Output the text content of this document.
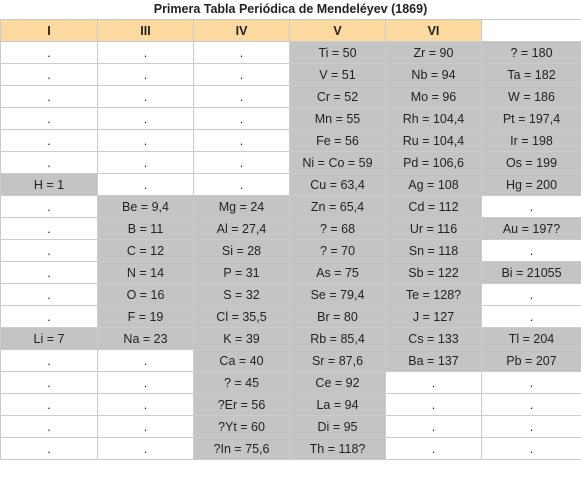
Primera Tabla Periódica de Mendeléyev (1869)
I	III	IV	V	VI	
.	.	.	Ti = 50	Zr = 90	? = 180
.	.	.	V = 51	Nb = 94	Ta = 182
.	.	.	Cr = 52	Mo = 96	W = 186
.	.	.	Mn = 55	Rh = 104,4	Pt = 197,4
.	.	.	Fe = 56	Ru = 104,4	Ir = 198
.	.	.	Ni = Co = 59	Pd = 106,6	Os = 199
H = 1	.	.	Cu = 63,4	Ag = 108	Hg = 200
.	Be = 9,4	Mg = 24	Zn = 65,4	Cd = 112	.
.	B = 11	Al = 27,4	? = 68	Ur = 116	Au = 197?
.	C = 12	Si = 28	? = 70	Sn = 118	.
.	N = 14	P = 31	As = 75	Sb = 122	Bi = 21055
.	O = 16	S = 32	Se = 79,4	Te = 128?	.
.	F = 19	Cl = 35,5	Br = 80	J = 127	.
Li = 7	Na = 23	K = 39	Rb = 85,4	Cs = 133	Tl = 204
.	.	Ca = 40	Sr = 87,6	Ba = 137	Pb = 207
.	.	? = 45	Ce = 92	.	.
.	.	?Er = 56	La = 94	.	.
.	.	?Yt = 60	Di = 95	.	.
.	.	?In = 75,6	Th = 118?	.	.
